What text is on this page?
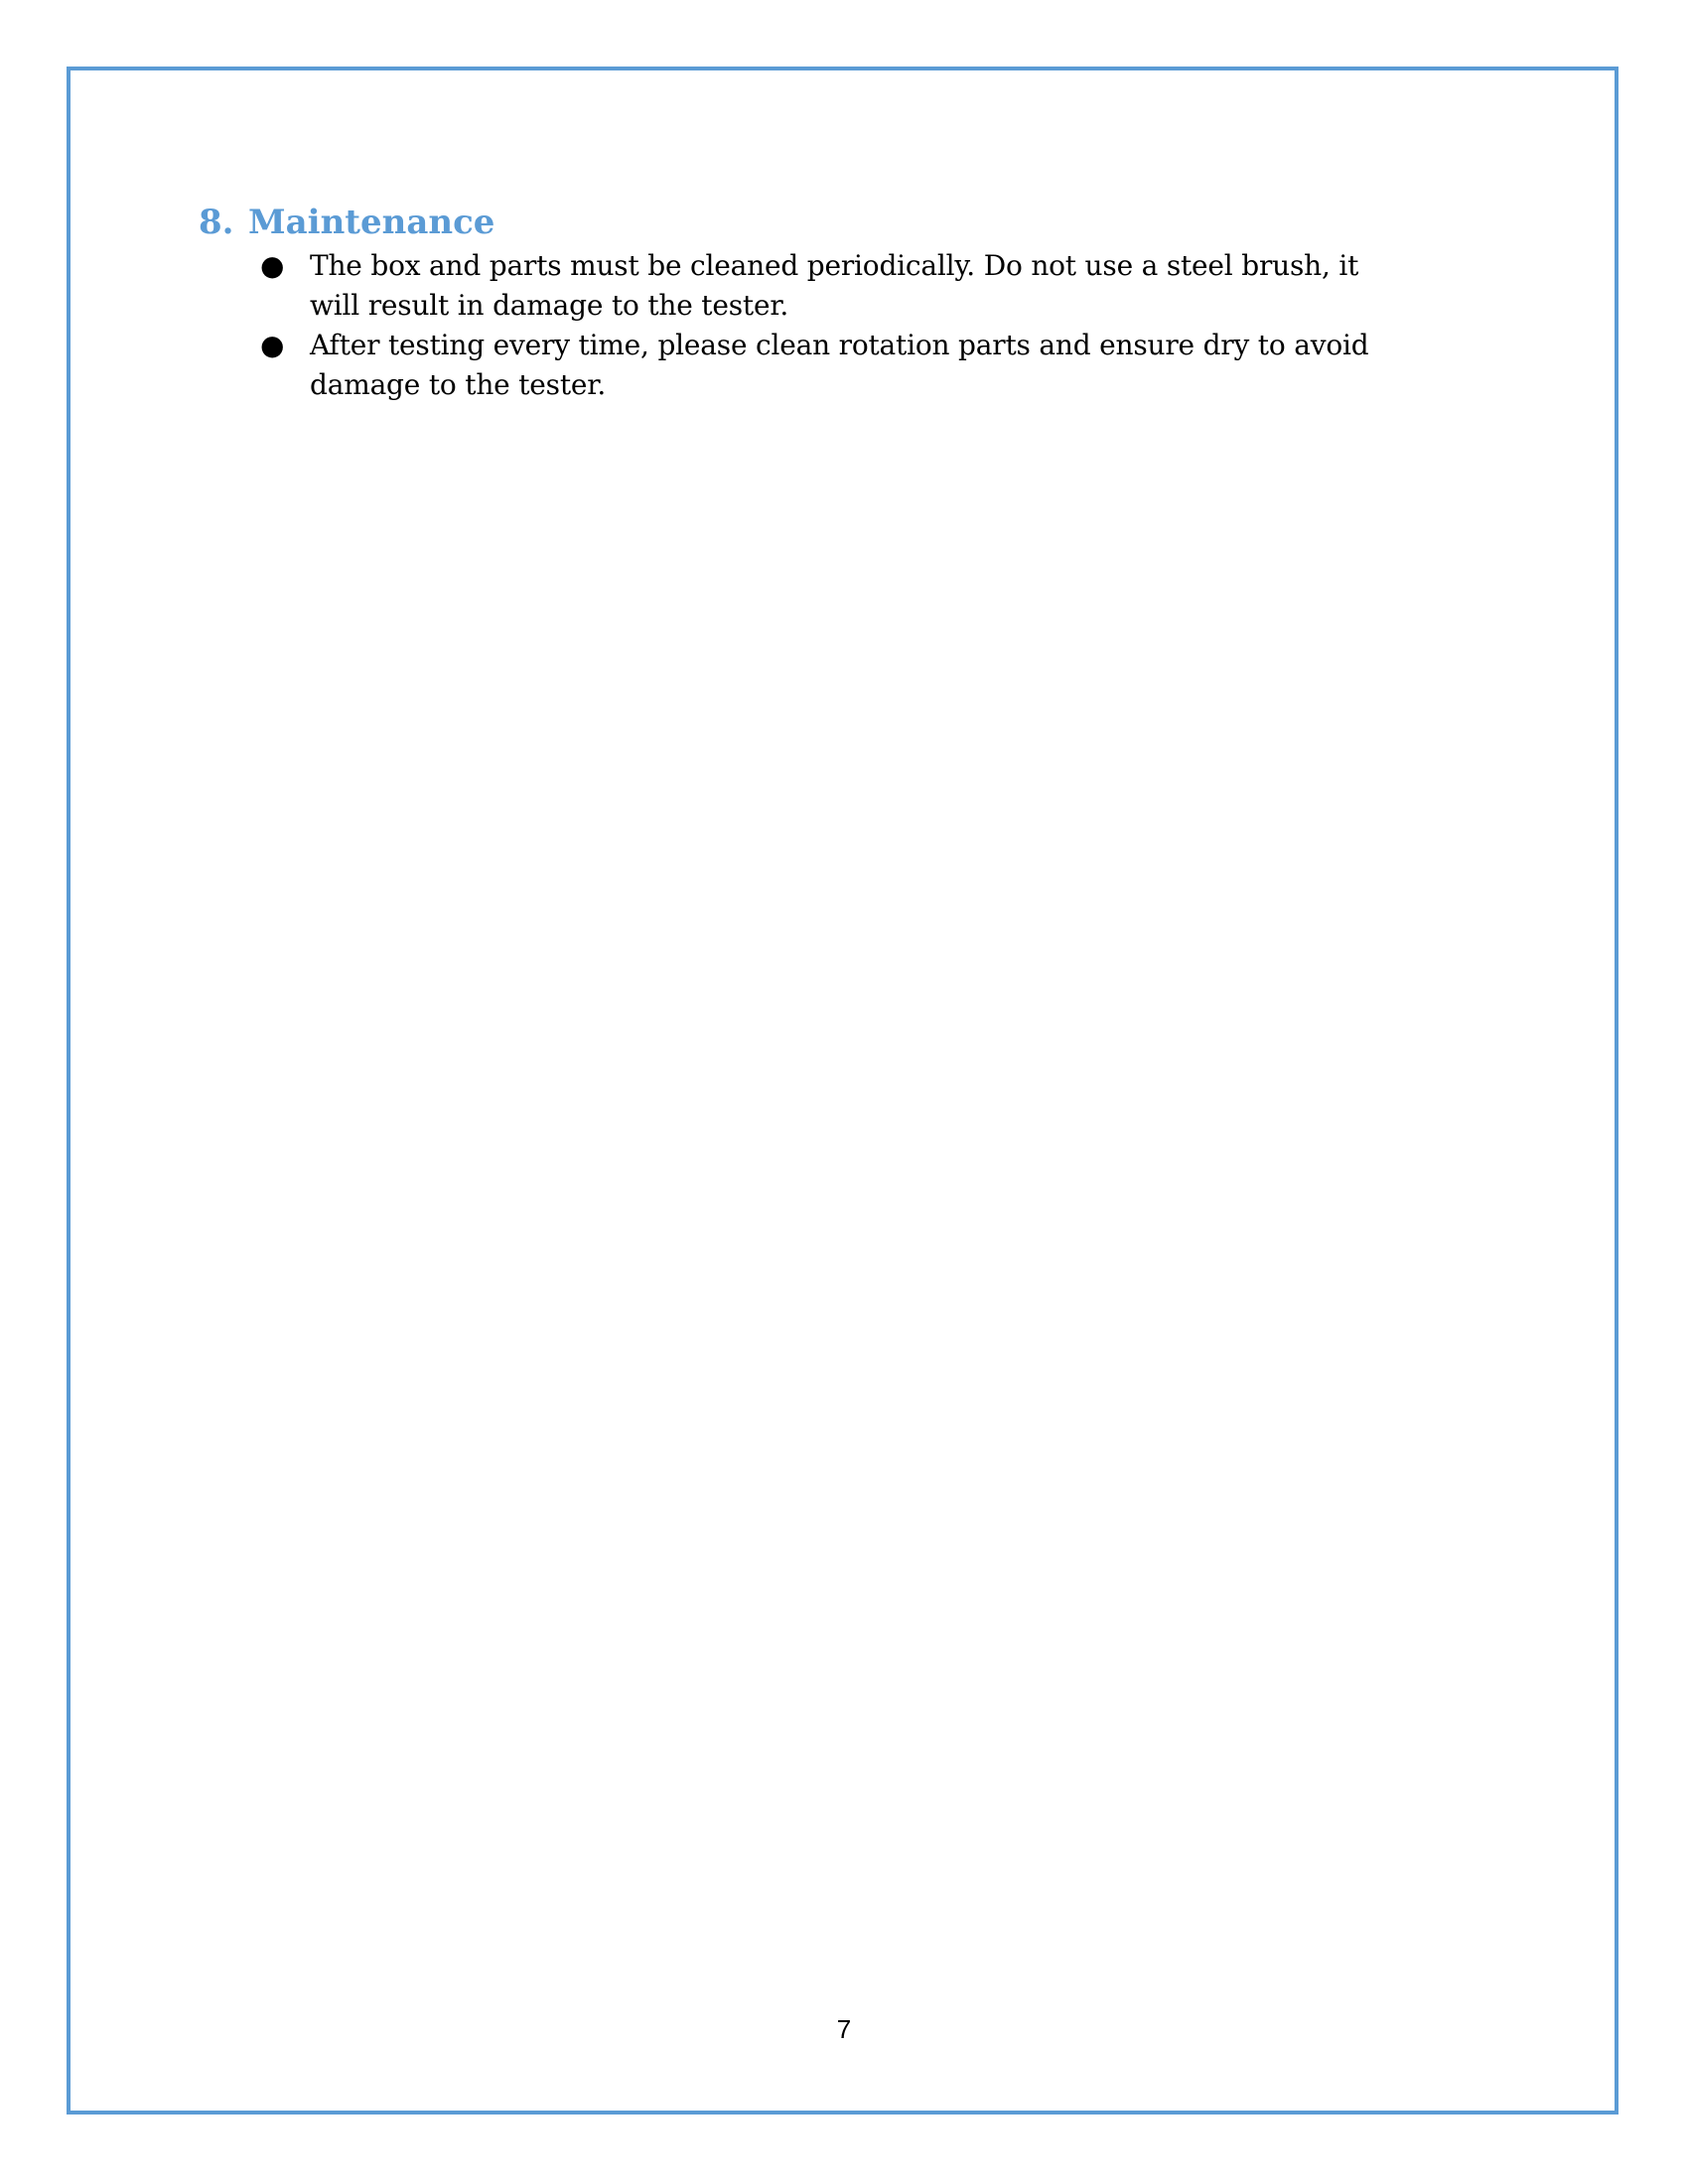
8. Maintenance
● The box and parts must be cleaned periodically. Do not use a steel brush, it will result in damage to the tester.
● After testing every time, please clean rotation parts and ensure dry to avoid damage to the tester.
7
